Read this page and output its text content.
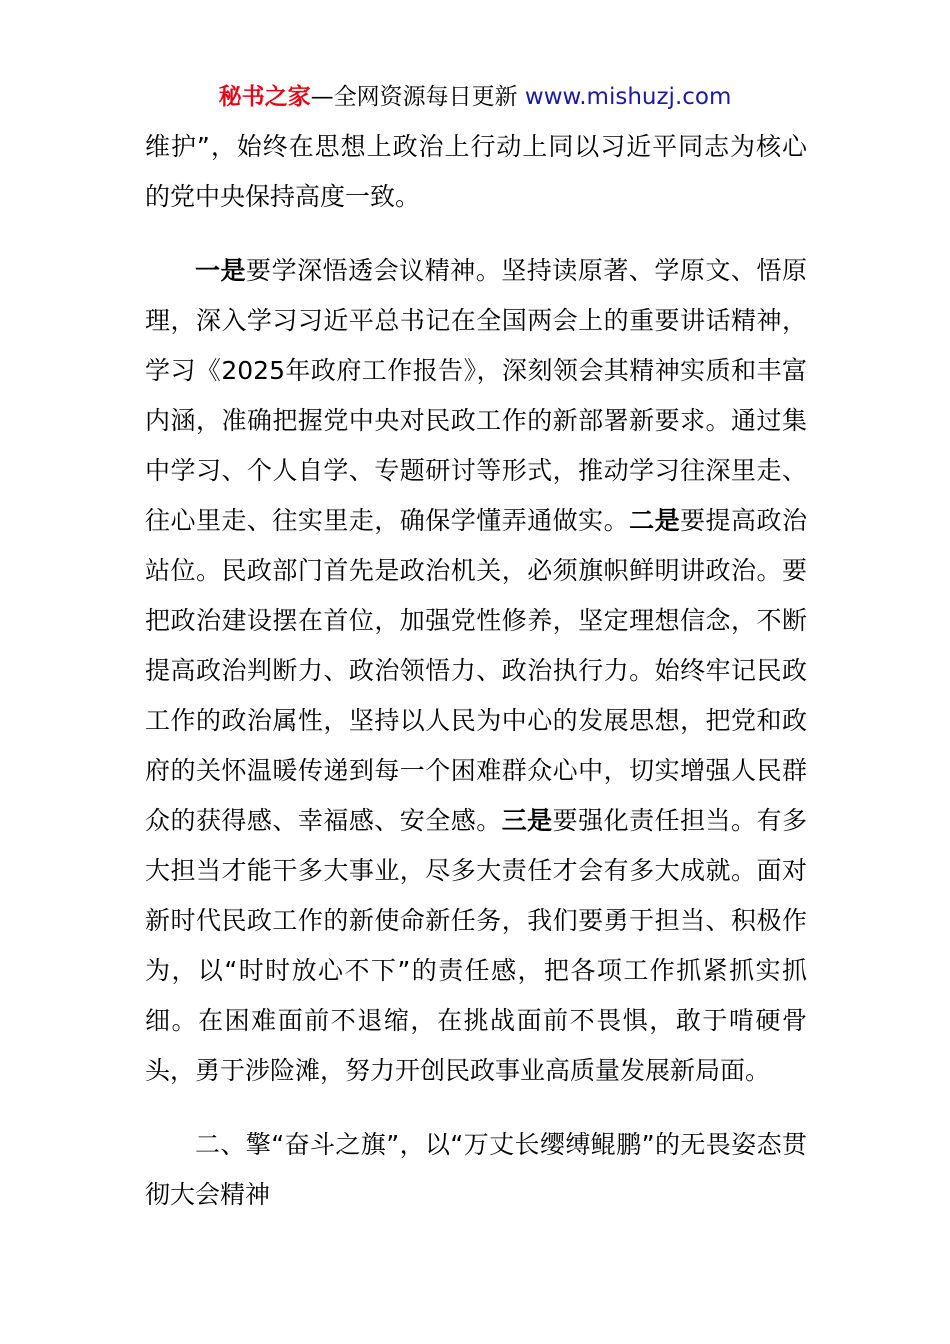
秘书之家—全网资源每日更新 www.mishuzj.com

维护”，始终在思想上政治上行动上同以习近平同志为核心的党中央保持高度一致。

一是要学深悟透会议精神。坚持读原著、学原文、悟原理，深入学习习近平总书记在全国两会上的重要讲话精神，学习《2025年政府工作报告》，深刻领会其精神实质和丰富内涵，准确把握党中央对民政工作的新部署新要求。通过集中学习、个人自学、专题研讨等形式，推动学习往深里走、往心里走、往实里走，确保学懂弄通做实。二是要提高政治站位。民政部门首先是政治机关，必须旗帜鲜明讲政治。要把政治建设摆在首位，加强党性修养，坚定理想信念，不断提高政治判断力、政治领悟力、政治执行力。始终牢记民政工作的政治属性，坚持以人民为中心的发展思想，把党和政府的关怀温暖传递到每一个困难群众心中，切实增强人民群众的获得感、幸福感、安全感。三是要强化责任担当。有多大担当才能干多大事业，尽多大责任才会有多大成就。面对新时代民政工作的新使命新任务，我们要勇于担当、积极作为，以“时时放心不下”的责任感，把各项工作抓紧抓实抓细。在困难面前不退缩，在挑战面前不畏惧，敢于啃硬骨头，勇于涉险滩，努力开创民政事业高质量发展新局面。

二、擎“奋斗之旗”，以“万丈长缨缚鲲鹏”的无畏姿态贯彻大会精神
